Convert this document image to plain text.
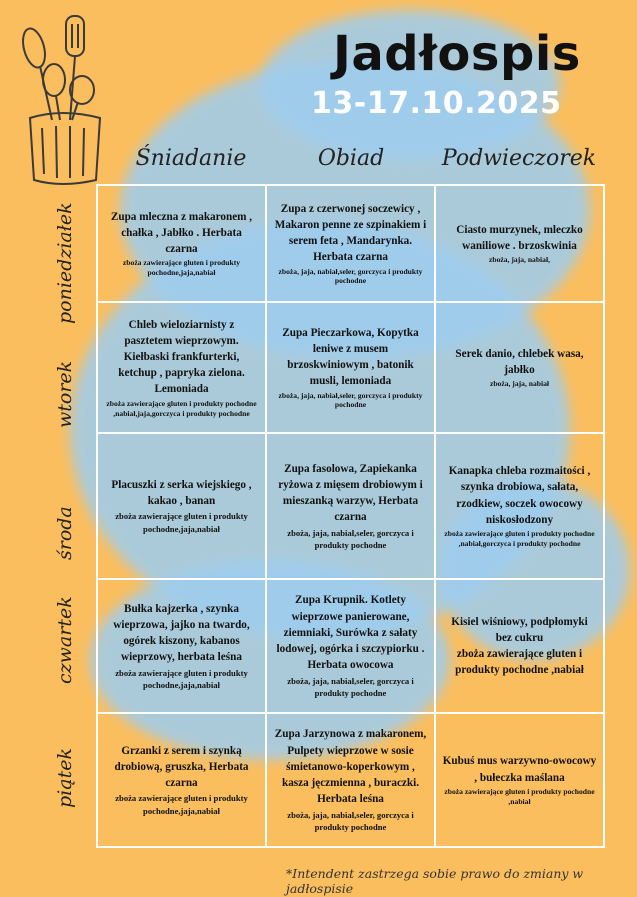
Jadłospis
13-17.10.2025
Śniadanie	Obiad	Podwieczorek
Zupa mleczna z makaronem , chałka , Jabłko . Herbata czarna
zboża zawierające gluten i produkty pochodne,jaja,nabiał
Zupa z czerwonej soczewicy , Makaron penne ze szpinakiem i serem feta , Mandarynka. Herbata czarna
zboża, jaja, nabiał,seler, gorczyca i produkty pochodne
Ciasto murzynek, mleczko waniliowe . brzoskwinia
zboża, jaja, nabiał,
Chleb wieloziarnisty z pasztetem wieprzowym. Kiełbaski frankfurterki, ketchup , papryka zielona. Lemoniada
zboża zawierające gluten i produkty pochodne ,nabiał,jaja,gorczyca i produkty pochodne
Zupa Pieczarkowa, Kopytka leniwe z musem brzoskwiniowym , batonik musli, lemoniada
zboża, jaja, nabiał,seler, gorczyca i produkty pochodne
Serek danio, chlebek wasa, jabłko
zboża, jaja, nabiał
Placuszki z serka wiejskiego , kakao , banan
zboża zawierające gluten i produkty pochodne,jaja,nabiał
Zupa fasolowa, Zapiekanka ryżowa z mięsem drobiowym i mieszanką warzyw, Herbata czarna
zboża, jaja, nabiał,seler, gorczyca i produkty pochodne
Kanapka chleba rozmaitości , szynka drobiowa, sałata, rzodkiew, soczek owocowy niskosłodzony
zboża zawierające gluten i produkty pochodne ,nabiał,gorczyca i produkty pochodne
Bułka kajzerka , szynka wieprzowa, jajko na twardo, ogórek kiszony, kabanos wieprzowy, herbata leśna
zboża zawierające gluten i produkty pochodne,jaja,nabiał
Zupa Krupnik. Kotlety wieprzowe panierowane, ziemniaki, Surówka z sałaty lodowej, ogórka i szczypiorku . Herbata owocowa
zboża, jaja, nabiał,seler, gorczyca i produkty pochodne
Kisiel wiśniowy, podpłomyki bez cukru
zboża zawierające gluten i produkty pochodne ,nabiał
Grzanki z serem i szynką drobiową, gruszka, Herbata czarna
zboża zawierające gluten i produkty pochodne,jaja,nabiał
Zupa Jarzynowa z makaronem, Pulpety wieprzowe w sosie śmietanowo-koperkowym , kasza jęczmienna , buraczki. Herbata leśna
zboża, jaja, nabiał,seler, gorczyca i produkty pochodne
Kubuś mus warzywno-owocowy , bułeczka maślana
zboża zawierające gluten i produkty pochodne ,nabiał
poniedziałek
wtorek
środa
czwartek
piątek
*Intendent zastrzega sobie prawo do zmiany w jadłospisie
